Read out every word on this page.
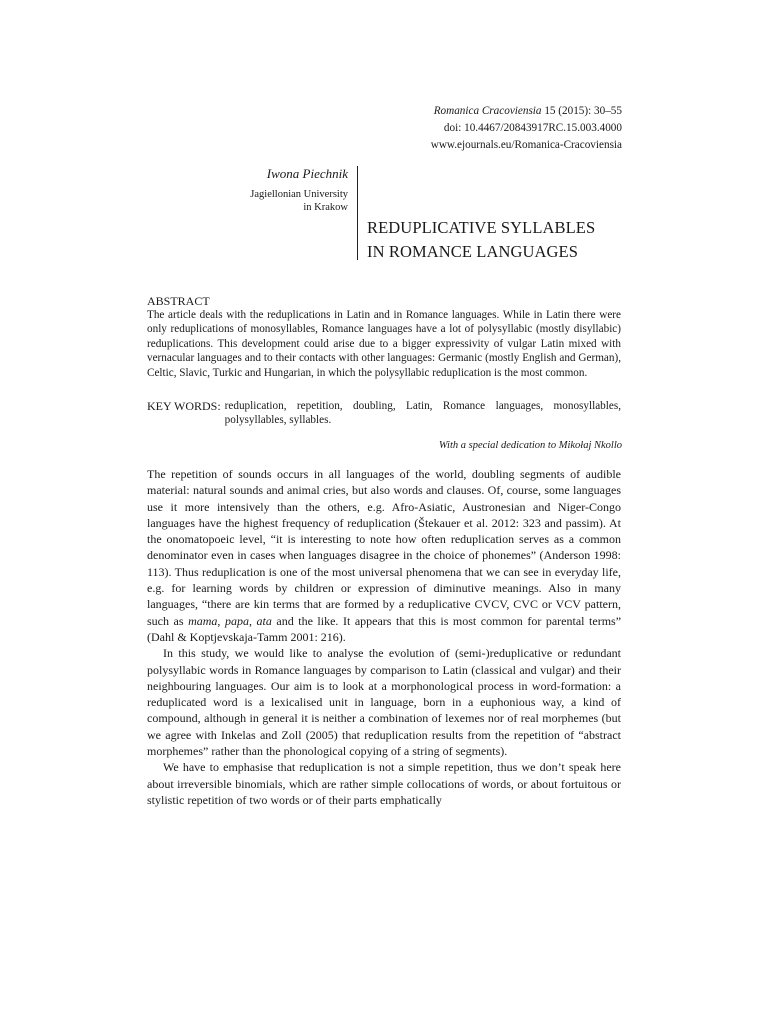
Romanica Cracoviensia 15 (2015): 30–55
doi: 10.4467/20843917RC.15.003.4000
www.ejournals.eu/Romanica-Cracoviensia
Iwona Piechnik
Jagiellonian University
in Krakow
REDUPLICATIVE SYLLABLES
IN ROMANCE LANGUAGES
ABSTRACT
The article deals with the reduplications in Latin and in Romance languages. While in Latin there were only reduplications of monosyllables, Romance languages have a lot of polysyllabic (mostly disyllabic) reduplications. This development could arise due to a bigger expressivity of vulgar Latin mixed with vernacular languages and to their contacts with other languages: Germanic (mostly English and German), Celtic, Slavic, Turkic and Hungarian, in which the polysyllabic reduplication is the most common.
KEY WORDS: reduplication, repetition, doubling, Latin, Romance languages, monosyllables, polysyllables, syllables.
With a special dedication to Mikołaj Nkollo

The repetition of sounds occurs in all languages of the world, doubling segments of audible material: natural sounds and animal cries, but also words and clauses. Of, course, some languages use it more intensively than the others, e.g. Afro-Asiatic, Austronesian and Niger-Congo languages have the highest frequency of reduplication (Štekauer et al. 2012: 323 and passim). At the onomatopoeic level, “it is interesting to note how often reduplication serves as a common denominator even in cases when languages disagree in the choice of phonemes” (Anderson 1998: 113). Thus reduplication is one of the most universal phenomena that we can see in everyday life, e.g. for learning words by children or expression of diminutive meanings. Also in many languages, “there are kin terms that are formed by a reduplicative CVCV, CVC or VCV pattern, such as mama, papa, ata and the like. It appears that this is most common for parental terms” (Dahl & Koptjevskaja-Tamm 2001: 216).

In this study, we would like to analyse the evolution of (semi-)reduplicative or redundant polysyllabic words in Romance languages by comparison to Latin (classical and vulgar) and their neighbouring languages. Our aim is to look at a morphonological process in word-formation: a reduplicated word is a lexicalised unit in language, born in a euphonious way, a kind of compound, although in general it is neither a combination of lexemes nor of real morphemes (but we agree with Inkelas and Zoll (2005) that reduplication results from the repetition of “abstract morphemes” rather than the phonological copying of a string of segments).

We have to emphasise that reduplication is not a simple repetition, thus we don’t speak here about irreversible binomials, which are rather simple collocations of words, or about fortuitous or stylistic repetition of two words or of their parts emphatically
